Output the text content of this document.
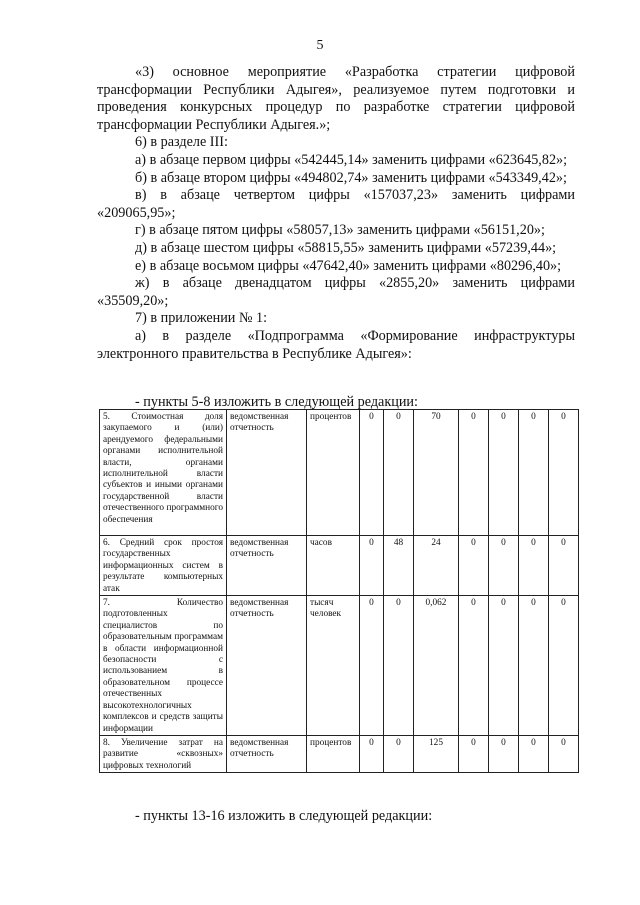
5

«3) основное мероприятие «Разработка стратегии цифровой трансформации Республики Адыгея», реализуемое путем подготовки и проведения конкурсных процедур по разработке стратегии цифровой трансформации Республики Адыгея.»;

6) в разделе III:

а) в абзаце первом цифры «542445,14» заменить цифрами «623645,82»;

б) в абзаце втором цифры «494802,74» заменить цифрами «543349,42»;

в) в абзаце четвертом цифры «157037,23» заменить цифрами «209065,95»;

г) в абзаце пятом цифры «58057,13» заменить цифрами «56151,20»;

д) в абзаце шестом цифры «58815,55» заменить цифрами «57239,44»;

е) в абзаце восьмом цифры «47642,40» заменить цифрами «80296,40»;

ж) в абзаце двенадцатом цифры «2855,20» заменить цифрами «35509,20»;

7) в приложении № 1:

а) в разделе «Подпрограмма «Формирование инфраструктуры электронного правительства в Республике Адыгея»:

- пункты 5-8 изложить в следующей редакции:
5. Стоимостная доля закупаемого и (или) арендуемого федеральными органами исполнительной власти, органами исполнительной власти субъектов и иными органами государственной власти отечественного программного обеспечения	ведомственная отчетность	процентов	0	0	70	0	0	0	0
6. Средний срок простоя государственных информационных систем в результате компьютерных атак	ведомственная отчетность	часов	0	48	24	0	0	0	0
7. Количество подготовленных специалистов по образовательным программам в области информационной безопасности с использованием в образовательном процессе отечественных высокотехнологичных комплексов и средств защиты информации	ведомственная отчетность	тысяч человек	0	0	0,062	0	0	0	0
8. Увеличение затрат на развитие «сквозных» цифровых технологий	ведомственная отчетность	процентов	0	0	125	0	0	0	0
- пункты 13-16 изложить в следующей редакции:
